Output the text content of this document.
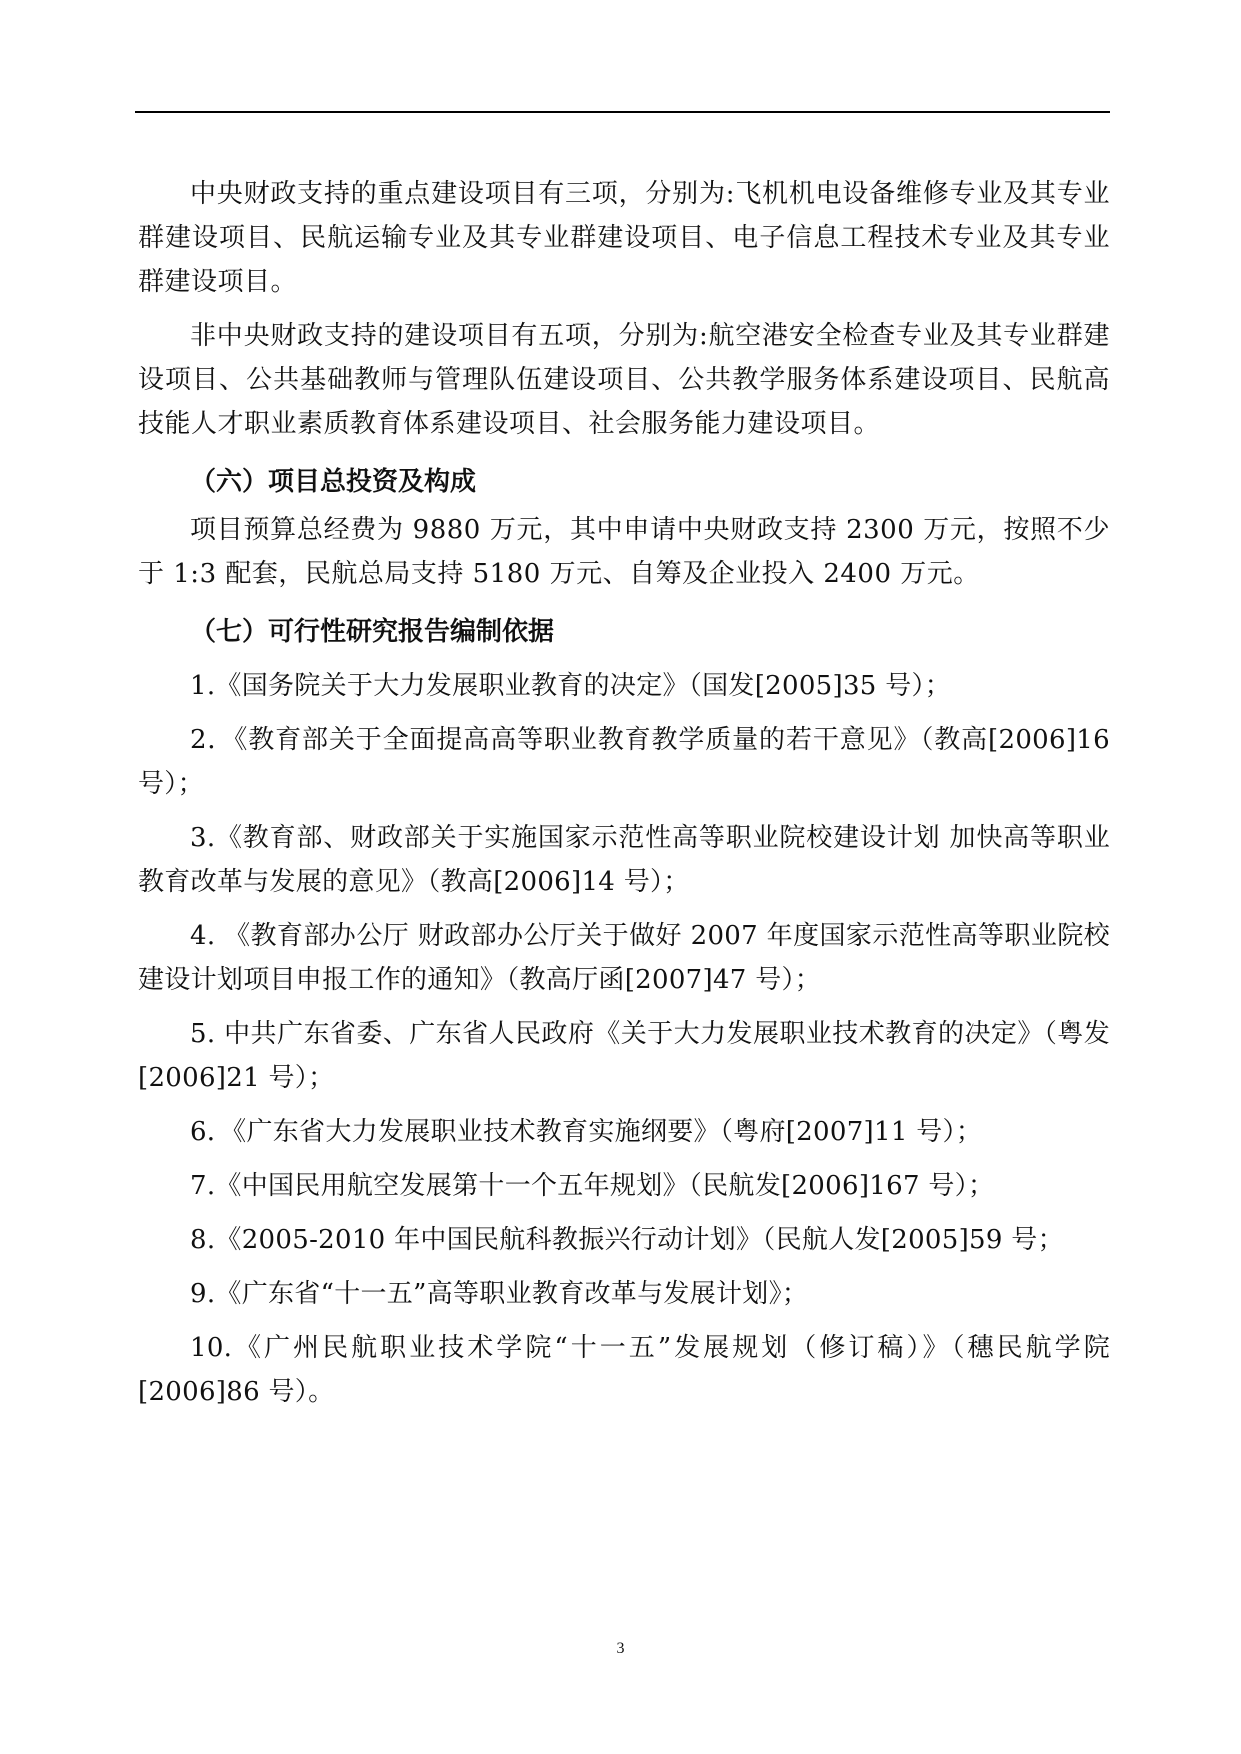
中央财政支持的重点建设项目有三项，分别为:飞机机电设备维修专业及其专业群建设项目、民航运输专业及其专业群建设项目、电子信息工程技术专业及其专业群建设项目。

非中央财政支持的建设项目有五项，分别为:航空港安全检查专业及其专业群建设项目、公共基础教师与管理队伍建设项目、公共教学服务体系建设项目、民航高技能人才职业素质教育体系建设项目、社会服务能力建设项目。

（六）项目总投资及构成

项目预算总经费为 9880 万元，其中申请中央财政支持 2300 万元，按照不少于 1:3 配套，民航总局支持 5180 万元、自筹及企业投入 2400 万元。

（七）可行性研究报告编制依据
1.《国务院关于大力发展职业教育的决定》（国发[2005]35 号）；
2．《教育部关于全面提高高等职业教育教学质量的若干意见》（教高[2006]16 号）；
3.《教育部、财政部关于实施国家示范性高等职业院校建设计划 加快高等职业教育改革与发展的意见》（教高[2006]14 号）；
4. 《教育部办公厅 财政部办公厅关于做好 2007 年度国家示范性高等职业院校建设计划项目申报工作的通知》（教高厅函[2007]47 号）；
5. 中共广东省委、广东省人民政府《关于大力发展职业技术教育的决定》（粤发[2006]21 号）；
6．《广东省大力发展职业技术教育实施纲要》（粤府[2007]11 号）；
7.《中国民用航空发展第十一个五年规划》（民航发[2006]167 号）；
8.《2005-2010 年中国民航科教振兴行动计划》（民航人发[2005]59 号；
9.《广东省“十一五”高等职业教育改革与发展计划》；
10.《广州民航职业技术学院“十一五”发展规划（修订稿）》（穗民航学院[2006]86 号）。
3
